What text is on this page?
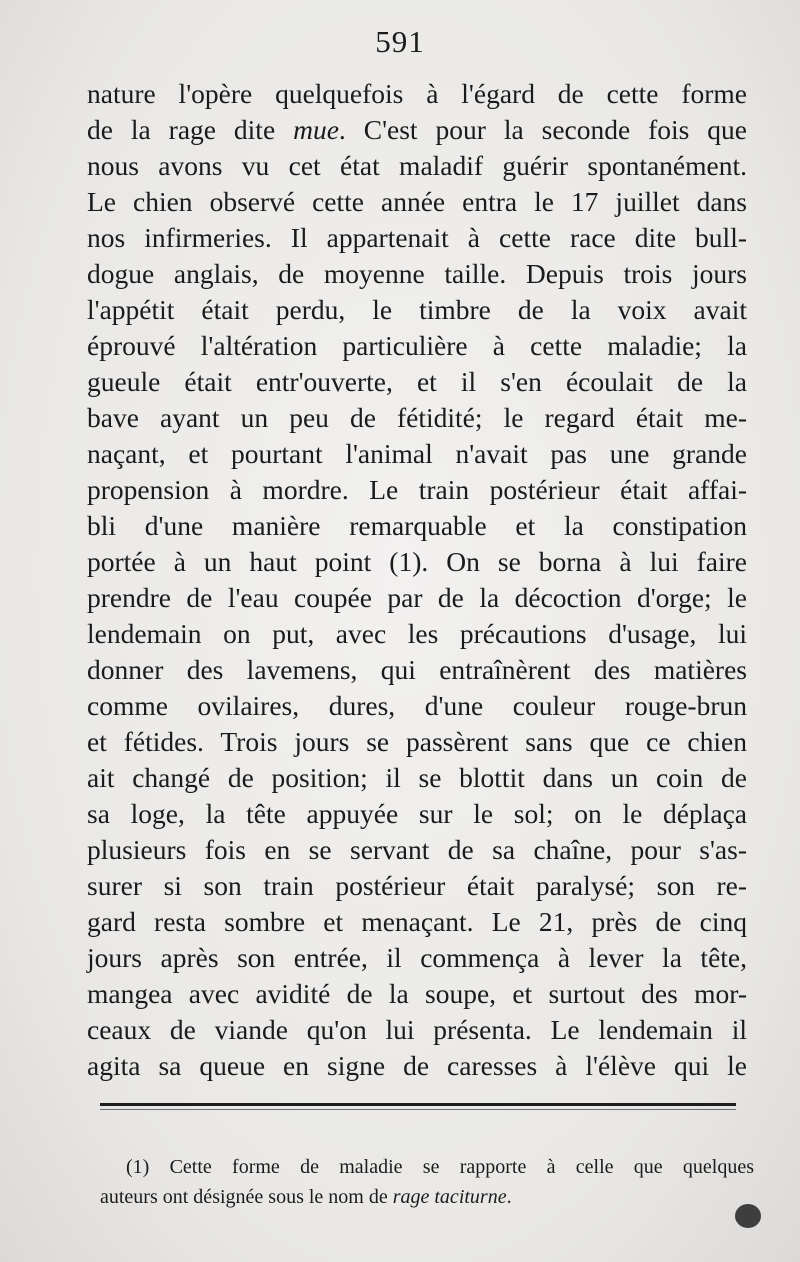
591
nature l'opère quelquefois à l'égard de cette forme
de la rage dite mue. C'est pour la seconde fois que
nous avons vu cet état maladif guérir spontanément.
Le chien observé cette année entra le 17 juillet dans
nos infirmeries. Il appartenait à cette race dite bull-
dogue anglais, de moyenne taille. Depuis trois jours
l'appétit était perdu, le timbre de la voix avait
éprouvé l'altération particulière à cette maladie; la
gueule était entr'ouverte, et il s'en écoulait de la
bave ayant un peu de fétidité; le regard était me-
naçant, et pourtant l'animal n'avait pas une grande
propension à mordre. Le train postérieur était affai-
bli d'une manière remarquable et la constipation
portée à un haut point (1). On se borna à lui faire
prendre de l'eau coupée par de la décoction d'orge; le
lendemain on put, avec les précautions d'usage, lui
donner des lavemens, qui entraînèrent des matières
comme ovilaires, dures, d'une couleur rouge-brun
et fétides. Trois jours se passèrent sans que ce chien
ait changé de position; il se blottit dans un coin de
sa loge, la tête appuyée sur le sol; on le déplaça
plusieurs fois en se servant de sa chaîne, pour s'as-
surer si son train postérieur était paralysé; son re-
gard resta sombre et menaçant. Le 21, près de cinq
jours après son entrée, il commença à lever la tête,
mangea avec avidité de la soupe, et surtout des mor-
ceaux de viande qu'on lui présenta. Le lendemain il
agita sa queue en signe de caresses à l'élève qui le
(1) Cette forme de maladie se rapporte à celle que quelques
auteurs ont désignée sous le nom de rage taciturne.
